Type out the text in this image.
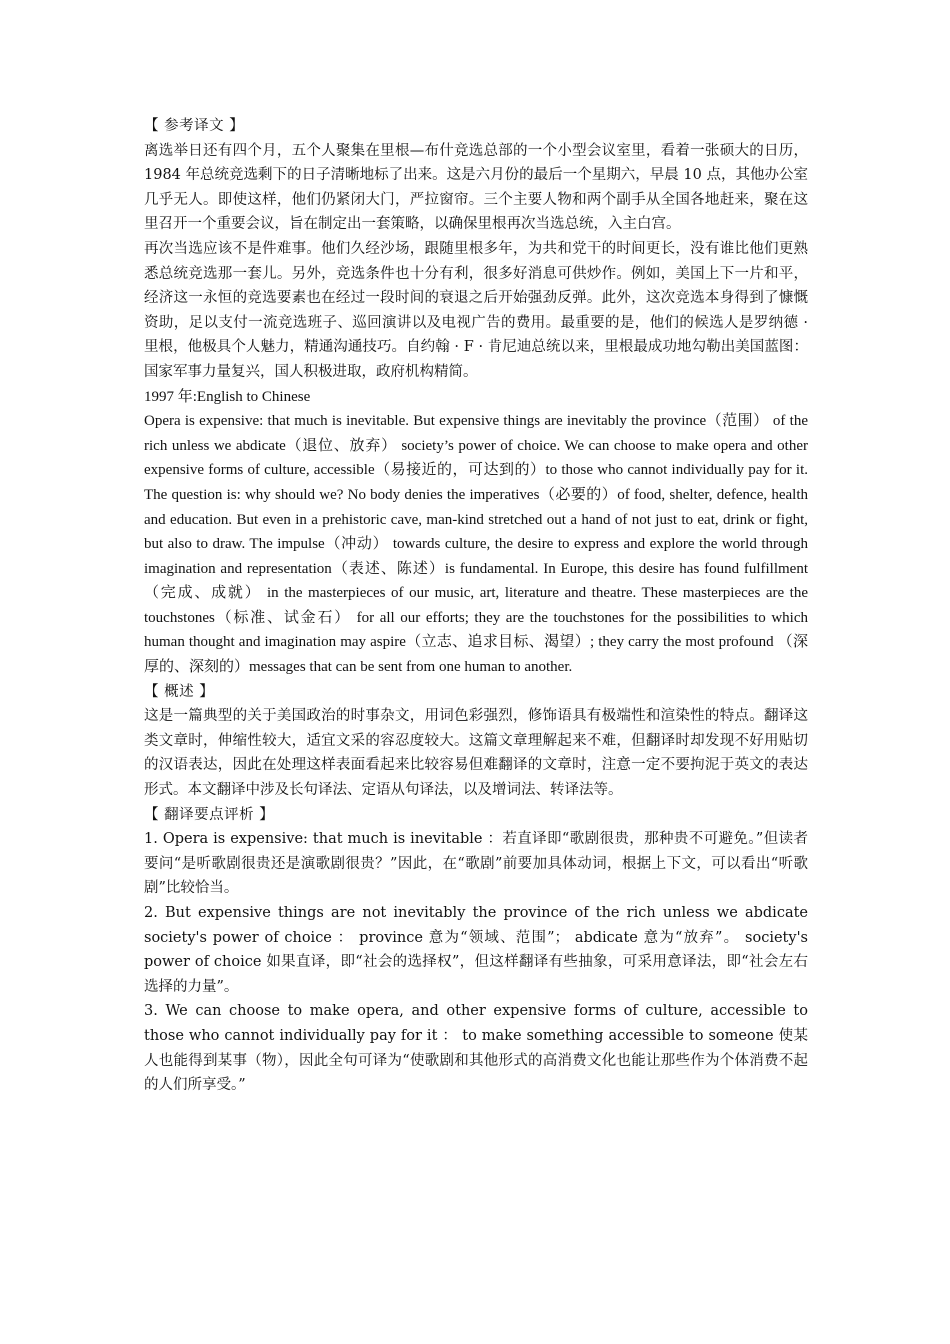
【 参考译文 】

离选举日还有四个月，五个人聚集在里根—布什竞选总部的一个小型会议室里，看着一张硕大的日历， 1984 年总统竞选剩下的日子清晰地标了出来。这是六月份的最后一个星期六，早晨 10 点，其他办公室几乎无人。即使这样，他们仍紧闭大门，严拉窗帘。三个主要人物和两个副手从全国各地赶来，聚在这里召开一个重要会议，旨在制定出一套策略，以确保里根再次当选总统，入主白宫。

再次当选应该不是件难事。他们久经沙场，跟随里根多年，为共和党干的时间更长，没有谁比他们更熟悉总统竞选那一套儿。另外，竞选条件也十分有利，很多好消息可供炒作。例如，美国上下一片和平，经济这一永恒的竞选要素也在经过一段时间的衰退之后开始强劲反弹。此外，这次竞选本身得到了慷慨资助，足以支付一流竞选班子、巡回演讲以及电视广告的费用。最重要的是，他们的候选人是罗纳德 · 里根，他极具个人魅力，精通沟通技巧。自约翰 · F · 肯尼迪总统以来，里根最成功地勾勒出美国蓝图：国家军事力量复兴，国人积极进取，政府机构精简。

1997 年:English to Chinese

Opera is expensive: that much is inevitable. But expensive things are inevitably the province（范围） of the rich unless we abdicate（退位、放弃） society’s power of choice. We can choose to make opera and other expensive forms of culture, accessible（易接近的，可达到的）to those who cannot individually pay for it. The question is: why should we? No body denies the imperatives（必要的）of food, shelter, defence, health and education. But even in a prehistoric cave, man-kind stretched out a hand of not just to eat, drink or fight, but also to draw. The impulse（冲动） towards culture, the desire to express and explore the world through imagination and representation（表述、陈述）is fundamental. In Europe, this desire has found fulfillment（完成、成就） in the masterpieces of our music, art, literature and theatre. These masterpieces are the touchstones（标准、试金石） for all our efforts; they are the touchstones for the possibilities to which human thought and imagination may aspire（立志、追求目标、渴望）; they carry the most profound （深厚的、深刻的）messages that can be sent from one human to another.

【 概述 】

这是一篇典型的关于美国政治的时事杂文，用词色彩强烈，修饰语具有极端性和渲染性的特点。翻译这类文章时，伸缩性较大，适宜文采的容忍度较大。这篇文章理解起来不难，但翻译时却发现不好用贴切的汉语表达，因此在处理这样表面看起来比较容易但难翻译的文章时，注意一定不要拘泥于英文的表达形式。本文翻译中涉及长句译法、定语从句译法，以及增词法、转译法等。

【 翻译要点评析 】

1. Opera is expensive: that much is inevitable ：若直译即“歌剧很贵，那种贵不可避免。”但读者要问“是听歌剧很贵还是演歌剧很贵？”因此，在“歌剧”前要加具体动词，根据上下文，可以看出“听歌剧”比较恰当。

2. But expensive things are not inevitably the province of the rich unless we abdicate society's power of choice ： province 意为“领域、范围”； abdicate 意为“放弃”。 society's power of choice 如果直译，即“社会的选择权”，但这样翻译有些抽象，可采用意译法，即“社会左右选择的力量”。

3. We can choose to make opera, and other expensive forms of culture, accessible to those who cannot individually pay for it ： to make something accessible to someone 使某人也能得到某事（物），因此全句可译为“使歌剧和其他形式的高消费文化也能让那些作为个体消费不起的人们所享受。”
